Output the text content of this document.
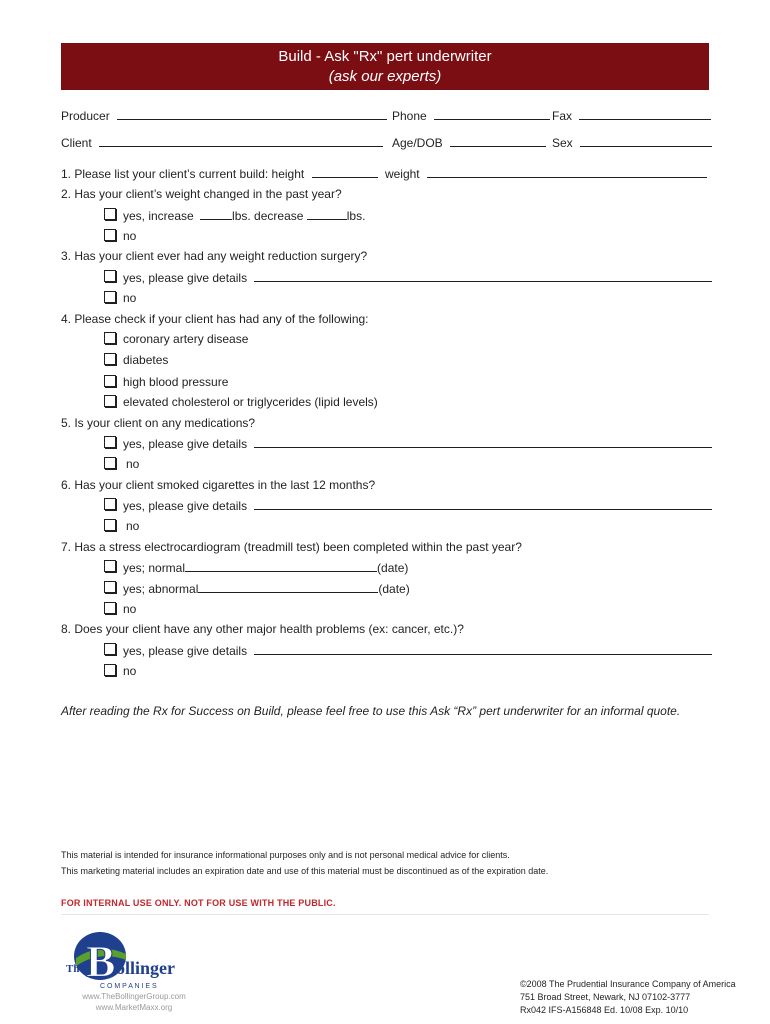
Build - Ask "Rx" pert underwriter
(ask our experts)
Producer	Phone	Fax
Client	Age/DOB	Sex
1. Please list your client’s current build: height	weight
2. Has your client’s weight changed in the past year?
yes, increase	lbs. decrease	lbs.
no
3. Has your client ever had any weight reduction surgery?
yes, please give details
no
4. Please check if your client has had any of the following:
coronary artery disease
diabetes
high blood pressure
elevated cholesterol or triglycerides (lipid levels)
5. Is your client on any medications?
yes, please give details
no
6. Has your client smoked cigarettes in the last 12 months?
yes, please give details
no
7. Has a stress electrocardiogram (treadmill test) been completed within the past year?
yes; normal	(date)
yes; abnormal	(date)
no
8. Does your client have any other major health problems (ex: cancer, etc.)?
yes, please give details
no
After reading the Rx for Success on Build, please feel free to use this Ask “Rx” pert underwriter for an informal quote.
This material is intended for insurance informational purposes only and is not personal medical advice for clients.
This marketing material includes an expiration date and use of this material must be discontinued as of the expiration date.
FOR INTERNAL USE ONLY. NOT FOR USE WITH THE PUBLIC.
The B ollinger
C O M P A N I E S
www.TheBollingerGroup.com
www.MarketMaxx.org
©2008 The Prudential Insurance Company of America
751 Broad Street, Newark, NJ 07102-3777
Rx042 IFS-A156848 Ed. 10/08 Exp. 10/10
